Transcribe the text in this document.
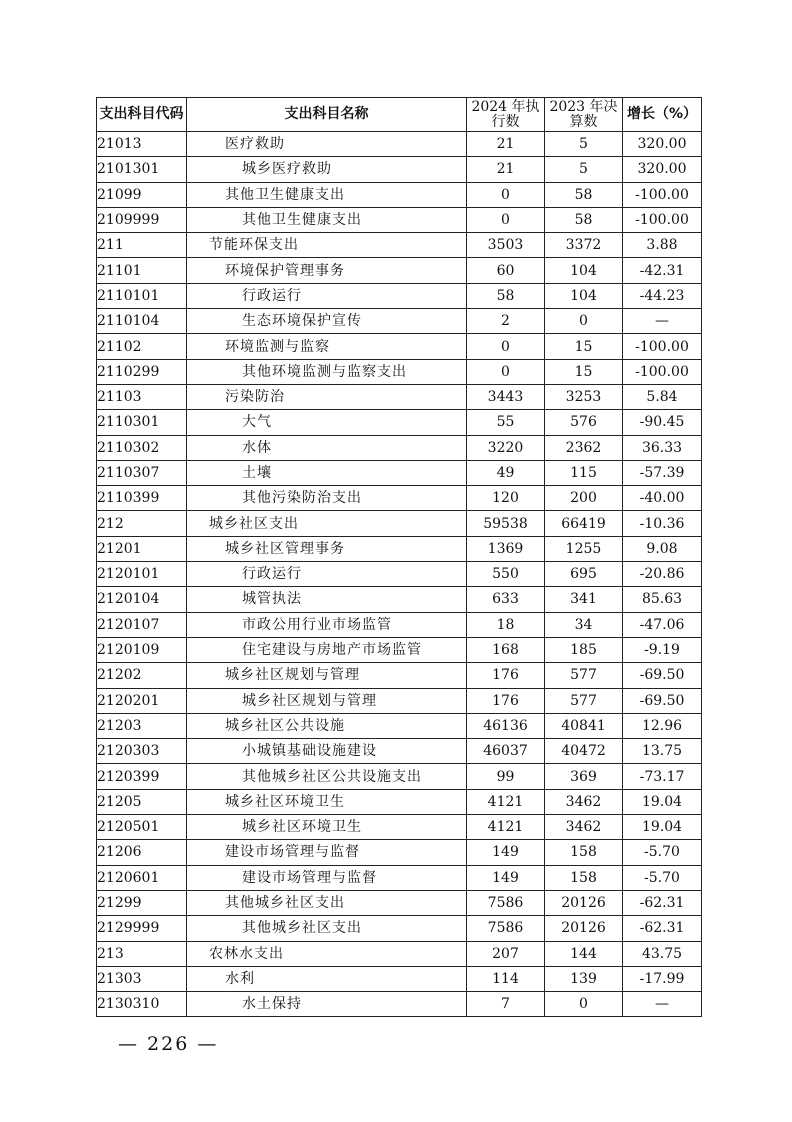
支出科目代码	支出科目名称	2024 年执行数	2023 年决算数	增长（%）
21013	医疗救助	21	5	320.00
2101301	城乡医疗救助	21	5	320.00
21099	其他卫生健康支出	0	58	-100.00
2109999	其他卫生健康支出	0	58	-100.00
211	节能环保支出	3503	3372	3.88
21101	环境保护管理事务	60	104	-42.31
2110101	行政运行	58	104	-44.23
2110104	生态环境保护宣传	2	0	—
21102	环境监测与监察	0	15	-100.00
2110299	其他环境监测与监察支出	0	15	-100.00
21103	污染防治	3443	3253	5.84
2110301	大气	55	576	-90.45
2110302	水体	3220	2362	36.33
2110307	土壤	49	115	-57.39
2110399	其他污染防治支出	120	200	-40.00
212	城乡社区支出	59538	66419	-10.36
21201	城乡社区管理事务	1369	1255	9.08
2120101	行政运行	550	695	-20.86
2120104	城管执法	633	341	85.63
2120107	市政公用行业市场监管	18	34	-47.06
2120109	住宅建设与房地产市场监管	168	185	-9.19
21202	城乡社区规划与管理	176	577	-69.50
2120201	城乡社区规划与管理	176	577	-69.50
21203	城乡社区公共设施	46136	40841	12.96
2120303	小城镇基础设施建设	46037	40472	13.75
2120399	其他城乡社区公共设施支出	99	369	-73.17
21205	城乡社区环境卫生	4121	3462	19.04
2120501	城乡社区环境卫生	4121	3462	19.04
21206	建设市场管理与监督	149	158	-5.70
2120601	建设市场管理与监督	149	158	-5.70
21299	其他城乡社区支出	7586	20126	-62.31
2129999	其他城乡社区支出	7586	20126	-62.31
213	农林水支出	207	144	43.75
21303	水利	114	139	-17.99
2130310	水土保持	7	0	—
— 226 —
